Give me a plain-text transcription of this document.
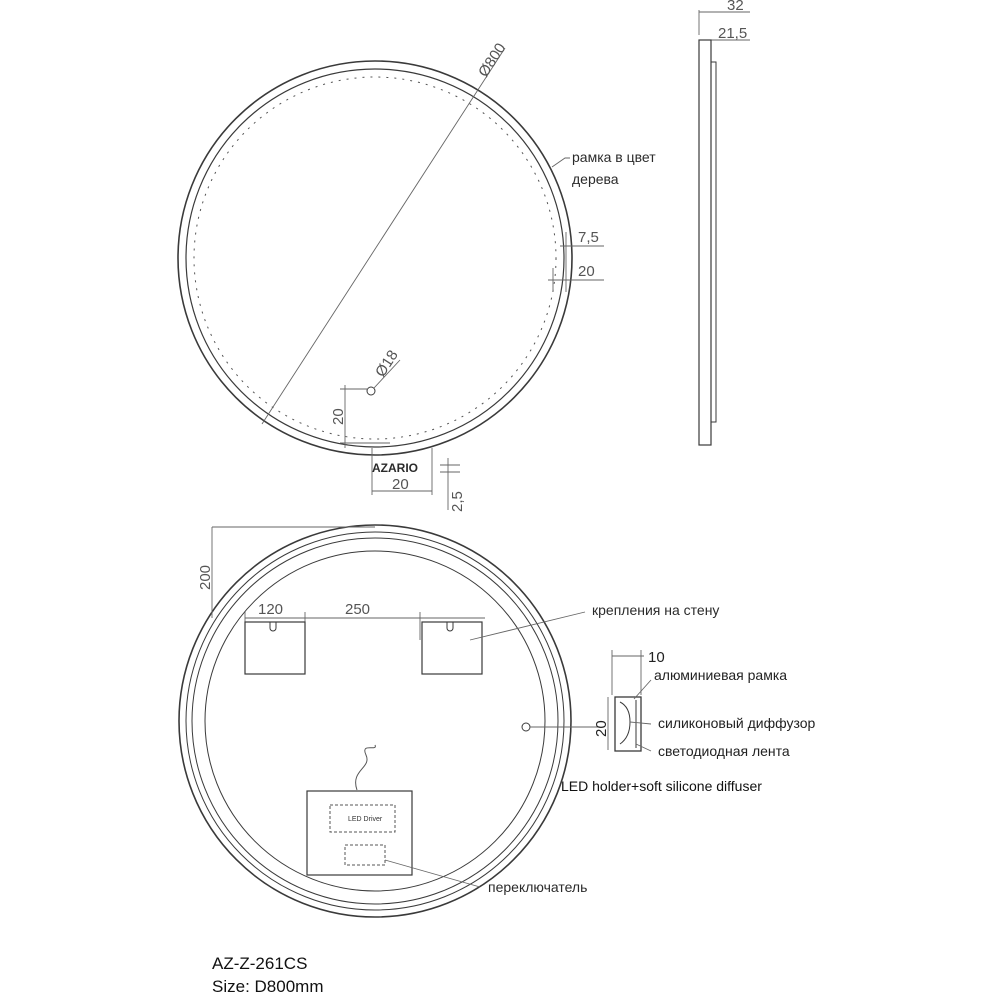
Ø800
рамка в цвет
дерева
7,5
20
Ø18
20
AZARIO
20
2,5
32
21,5
200
120	250	крепления на стену
LED Driver
переключатель
10
20
алюминиевая рамка
силиконовый диффузор
светодиодная лента
LED holder+soft silicone diffuser
AZ-Z-261CS
Size: D800mm
